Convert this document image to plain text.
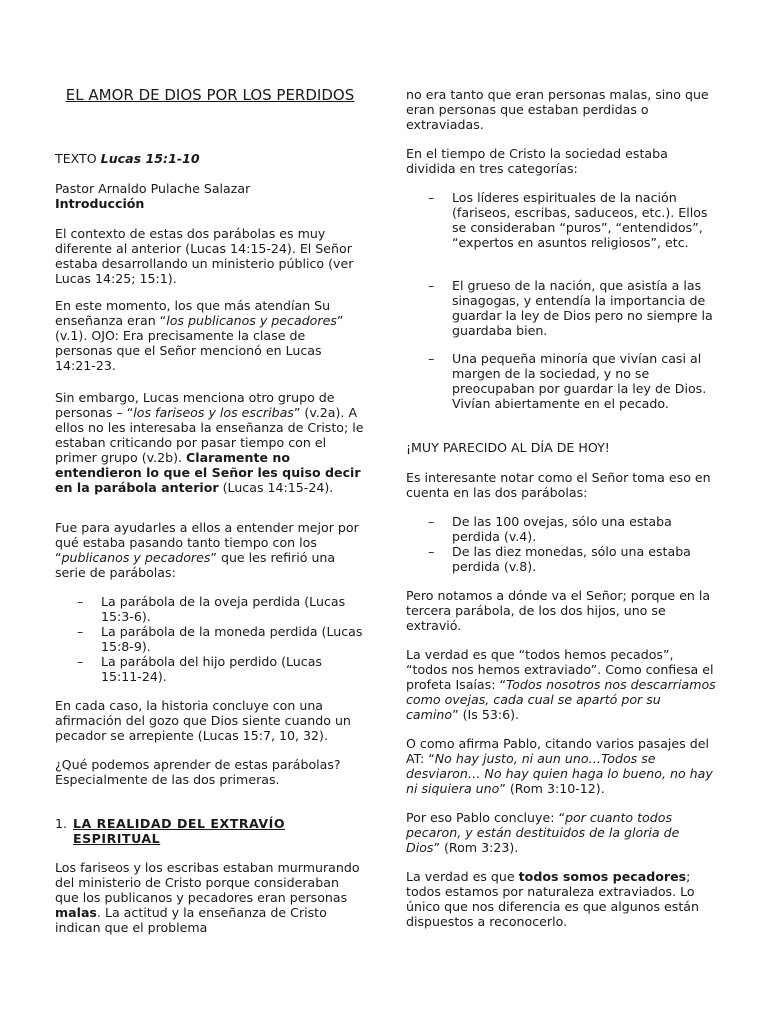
EL AMOR DE DIOS POR LOS PERDIDOS

TEXTO Lucas 15:1-10

Pastor Arnaldo Pulache Salazar

Introducción

El contexto de estas dos parábolas es muy diferente al anterior (Lucas 14:15-24). El Señor estaba desarrollando un ministerio público (ver Lucas 14:25; 15:1).

En este momento, los que más atendían Su enseñanza eran “los publicanos y pecadores” (v.1). OJO: Era precisamente la clase de personas que el Señor mencionó en Lucas 14:21-23.

Sin embargo, Lucas menciona otro grupo de personas – “los fariseos y los escribas” (v.2a). A ellos no les interesaba la enseñanza de Cristo; le estaban criticando por pasar tiempo con el primer grupo (v.2b). Claramente no entendieron lo que el Señor les quiso decir en la parábola anterior (Lucas 14:15-24).

Fue para ayudarles a ellos a entender mejor por qué estaba pasando tanto tiempo con los “publicanos y pecadores” que les refirió una serie de parábolas:

– La parábola de la oveja perdida (Lucas 15:3-6).
– La parábola de la moneda perdida (Lucas 15:8-9).
– La parábola del hijo perdido (Lucas 15:11-24).

En cada caso, la historia concluye con una afirmación del gozo que Dios siente cuando un pecador se arrepiente (Lucas 15:7, 10, 32).

¿Qué podemos aprender de estas parábolas? Especialmente de las dos primeras.

1. LA REALIDAD DEL EXTRAVÍO ESPIRITUAL

Los fariseos y los escribas estaban murmurando del ministerio de Cristo porque consideraban que los publicanos y pecadores eran personas malas. La actitud y la enseñanza de Cristo indican que el problema

no era tanto que eran personas malas, sino que eran personas que estaban perdidas o extraviadas.

En el tiempo de Cristo la sociedad estaba dividida en tres categorías:

– Los líderes espirituales de la nación (fariseos, escribas, saduceos, etc.). Ellos se consideraban “puros”, “entendidos”, “expertos en asuntos religiosos”, etc.
– El grueso de la nación, que asistía a las sinagogas, y entendía la importancia de guardar la ley de Dios pero no siempre la guardaba bien.
– Una pequeña minoría que vivían casi al margen de la sociedad, y no se preocupaban por guardar la ley de Dios. Vivían abiertamente en el pecado.

¡MUY PARECIDO AL DÍA DE HOY!

Es interesante notar como el Señor toma eso en cuenta en las dos parábolas:

– De las 100 ovejas, sólo una estaba perdida (v.4).
– De las diez monedas, sólo una estaba perdida (v.8).

Pero notamos a dónde va el Señor; porque en la tercera parábola, de los dos hijos, uno se extravió.

La verdad es que “todos hemos pecados”, “todos nos hemos extraviado”. Como confiesa el profeta Isaías: “Todos nosotros nos descarriamos como ovejas, cada cual se apartó por su camino” (Is 53:6).

O como afirma Pablo, citando varios pasajes del AT: “No hay justo, ni aun uno…Todos se desviaron… No hay quien haga lo bueno, no hay ni siquiera uno” (Rom 3:10-12).

Por eso Pablo concluye: “por cuanto todos pecaron, y están destituidos de la gloria de Dios” (Rom 3:23).

La verdad es que todos somos pecadores; todos estamos por naturaleza extraviados. Lo único que nos diferencia es que algunos están dispuestos a reconocerlo.
